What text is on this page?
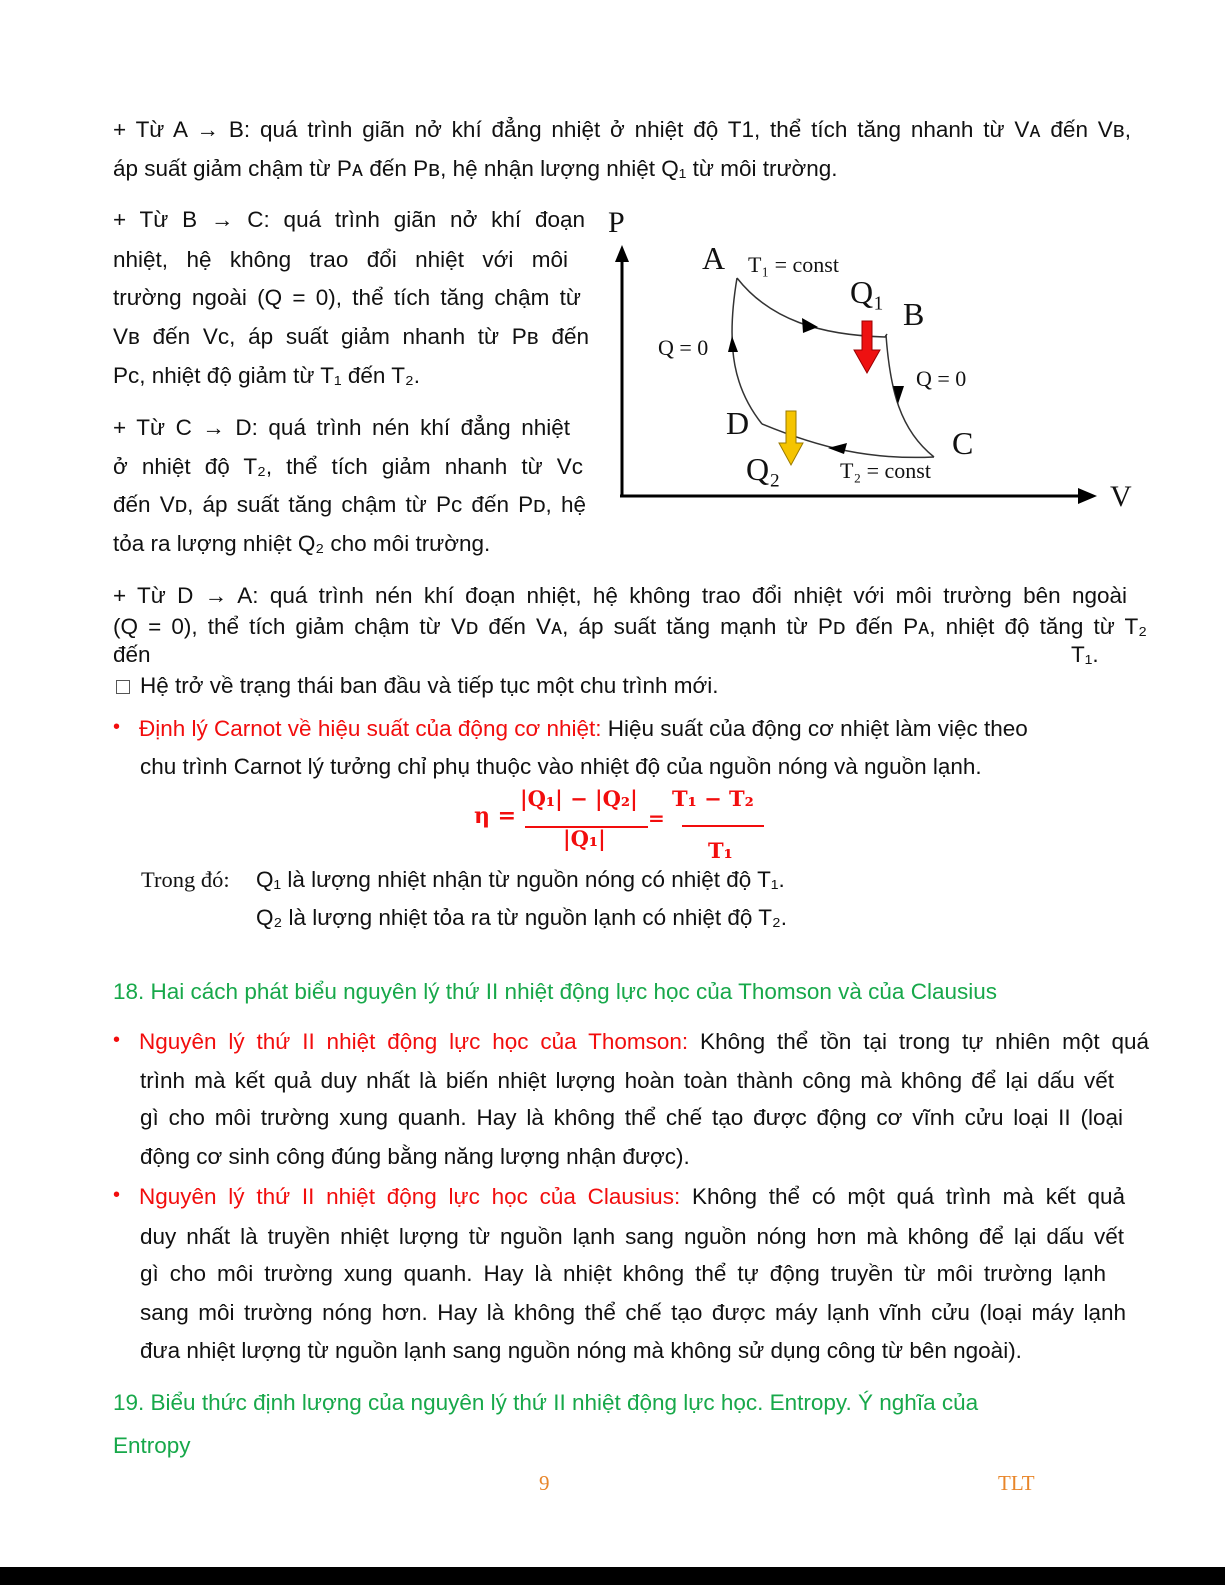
+ Từ A → B: quá trình giãn nở khí đẳng nhiệt ở nhiệt độ T1, thể tích tăng nhanh từ Vᴀ đến Vʙ,
áp suất giảm chậm từ Pᴀ đến Pʙ, hệ nhận lượng nhiệt Q₁ từ môi trường.
+ Từ B → C: quá trình giãn nở khí đoạn
nhiệt, hệ không trao đổi nhiệt với môi
trường ngoài (Q = 0), thể tích tăng chậm từ
Vʙ đến Vᴄ, áp suất giảm nhanh từ Pʙ đến
Pᴄ, nhiệt độ giảm từ T₁ đến T₂.
+ Từ C → D: quá trình nén khí đẳng nhiệt
ở nhiệt độ T₂, thể tích giảm nhanh từ Vᴄ
đến Vᴅ, áp suất tăng chậm từ Pᴄ đến Pᴅ, hệ
tỏa ra lượng nhiệt Q₂ cho môi trường.
P
V
A
B
C
D
T₁ = const
T₂ = const
Q₁
Q₂
Q = 0
Q = 0
+ Từ D → A: quá trình nén khí đoạn nhiệt, hệ không trao đổi nhiệt với môi trường bên ngoài
(Q = 0), thể tích giảm chậm từ Vᴅ đến Vᴀ, áp suất tăng mạnh từ Pᴅ đến Pᴀ, nhiệt độ tăng từ T₂
đến	T₁.
Hệ trở về trạng thái ban đầu và tiếp tục một chu trình mới.
• Định lý Carnot về hiệu suất của động cơ nhiệt: Hiệu suất của động cơ nhiệt làm việc theo
chu trình Carnot lý tưởng chỉ phụ thuộc vào nhiệt độ của nguồn nóng và nguồn lạnh.
η =
|Q₁| − |Q₂|
|Q₁|
=
T₁ − T₂
T₁
Trong đó: Q₁ là lượng nhiệt nhận từ nguồn nóng có nhiệt độ T₁.
Q₂ là lượng nhiệt tỏa ra từ nguồn lạnh có nhiệt độ T₂.
18. Hai cách phát biểu nguyên lý thứ II nhiệt động lực học của Thomson và của Clausius
• Nguyên lý thứ II nhiệt động lực học của Thomson: Không thể tồn tại trong tự nhiên một quá
trình mà kết quả duy nhất là biến nhiệt lượng hoàn toàn thành công mà không để lại dấu vết
gì cho môi trường xung quanh. Hay là không thể chế tạo được động cơ vĩnh cửu loại II (loại
động cơ sinh công đúng bằng năng lượng nhận được).
• Nguyên lý thứ II nhiệt động lực học của Clausius: Không thể có một quá trình mà kết quả
duy nhất là truyền nhiệt lượng từ nguồn lạnh sang nguồn nóng hơn mà không để lại dấu vết
gì cho môi trường xung quanh. Hay là nhiệt không thể tự động truyền từ môi trường lạnh
sang môi trường nóng hơn. Hay là không thể chế tạo được máy lạnh vĩnh cửu (loại máy lạnh
đưa nhiệt lượng từ nguồn lạnh sang nguồn nóng mà không sử dụng công từ bên ngoài).
19. Biểu thức định lượng của nguyên lý thứ II nhiệt động lực học. Entropy. Ý nghĩa của
Entropy
9	TLT
